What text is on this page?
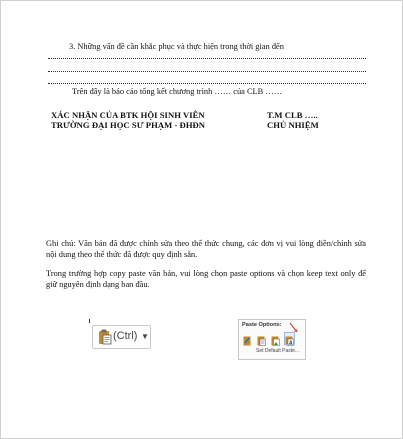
3. Những vấn đề cần khắc phục và thực hiện trong thời gian đến
Trên đây là báo cáo tổng kết chương trình …… của CLB ……
XÁC NHẬN CỦA BTK HỘI SINH VIÊN
TRƯỜNG ĐẠI HỌC SƯ PHẠM - ĐHĐN
T.M CLB …..
CHỦ NHIỆM
Ghi chú: Văn bản đã được chỉnh sửa theo thể thức chung, các đơn vị vui lòng điền/chỉnh sửa nội dung theo thể thức đã được quy định sẵn.
Trong trường hợp copy paste văn bản, vui lòng chọn paste options và chọn keep text only để giữ nguyên định dạng ban đầu.
(Ctrl) ▼
Paste Options:
A
Set Default Paste...
